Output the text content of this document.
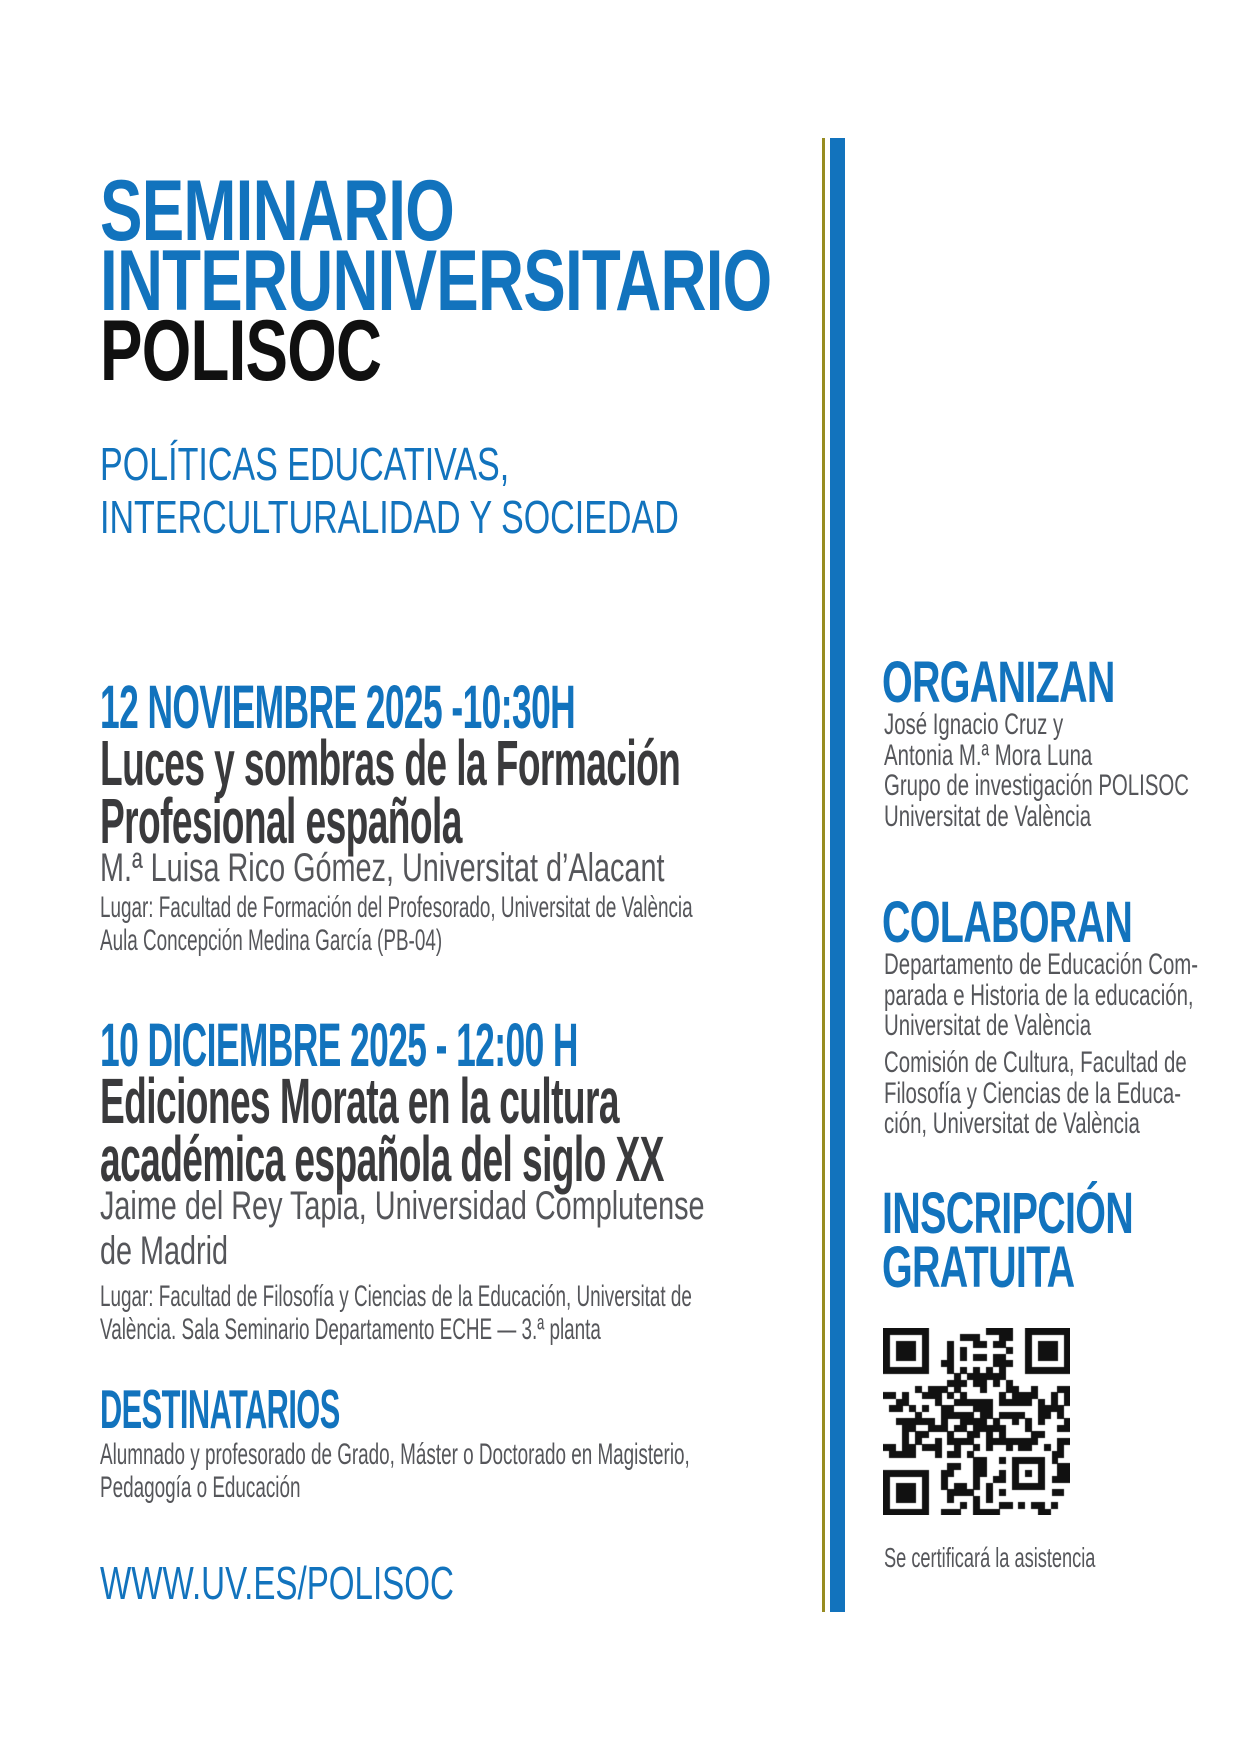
SEMINARIO
INTERUNIVERSITARIO
POLISOC
POLÍTICAS EDUCATIVAS,
INTERCULTURALIDAD Y SOCIEDAD
12 NOVIEMBRE 2025 -10:30H
Luces y sombras de la Formación
Profesional española
M.ª Luisa Rico Gómez, Universitat d’Alacant
Lugar: Facultad de Formación del Profesorado, Universitat de València
Aula Concepción Medina García (PB-04)
10 DICIEMBRE 2025 - 12:00 H
Ediciones Morata en la cultura
académica española del siglo XX
Jaime del Rey Tapia, Universidad Complutense
de Madrid
Lugar: Facultad de Filosofía y Ciencias de la Educación, Universitat de
València. Sala Seminario Departamento ECHE — 3.ª planta
DESTINATARIOS
Alumnado y profesorado de Grado, Máster o Doctorado en Magisterio,
Pedagogía o Educación
WWW.UV.ES/POLISOC
ORGANIZAN
José Ignacio Cruz y
Antonia M.ª Mora Luna
Grupo de investigación POLISOC
Universitat de València
COLABORAN
Departamento de Educación Com-
parada e Historia de la educación,
Universitat de València
Comisión de Cultura, Facultad de
Filosofía y Ciencias de la Educa-
ción, Universitat de València
INSCRIPCIÓN
GRATUITA
Se certificará la asistencia
